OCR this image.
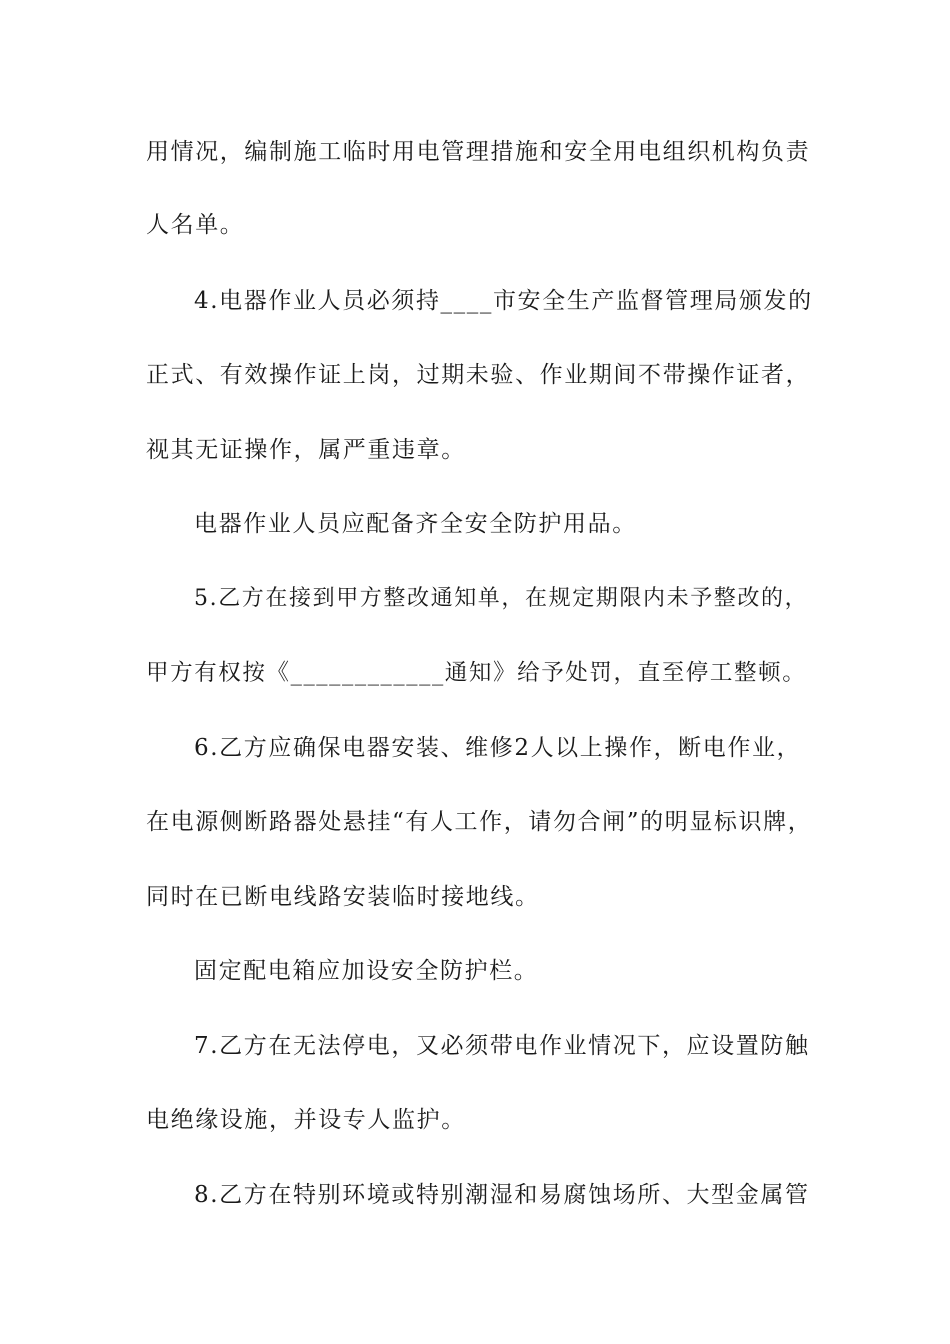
用情况，编制施工临时用电管理措施和安全用电组织机构负责
人名单。
4.电器作业人员必须持____市安全生产监督管理局颁发的
正式、有效操作证上岗，过期未验、作业期间不带操作证者，
视其无证操作，属严重违章。
电器作业人员应配备齐全安全防护用品。
5.乙方在接到甲方整改通知单，在规定期限内未予整改的，
甲方有权按《____________通知》给予处罚，直至停工整顿。
6.乙方应确保电器安装、维修2人以上操作，断电作业，
在电源侧断路器处悬挂“有人工作，请勿合闸”的明显标识牌，
同时在已断电线路安装临时接地线。
固定配电箱应加设安全防护栏。
7.乙方在无法停电，又必须带电作业情况下，应设置防触
电绝缘设施，并设专人监护。
8.乙方在特别环境或特别潮湿和易腐蚀场所、大型金属管
